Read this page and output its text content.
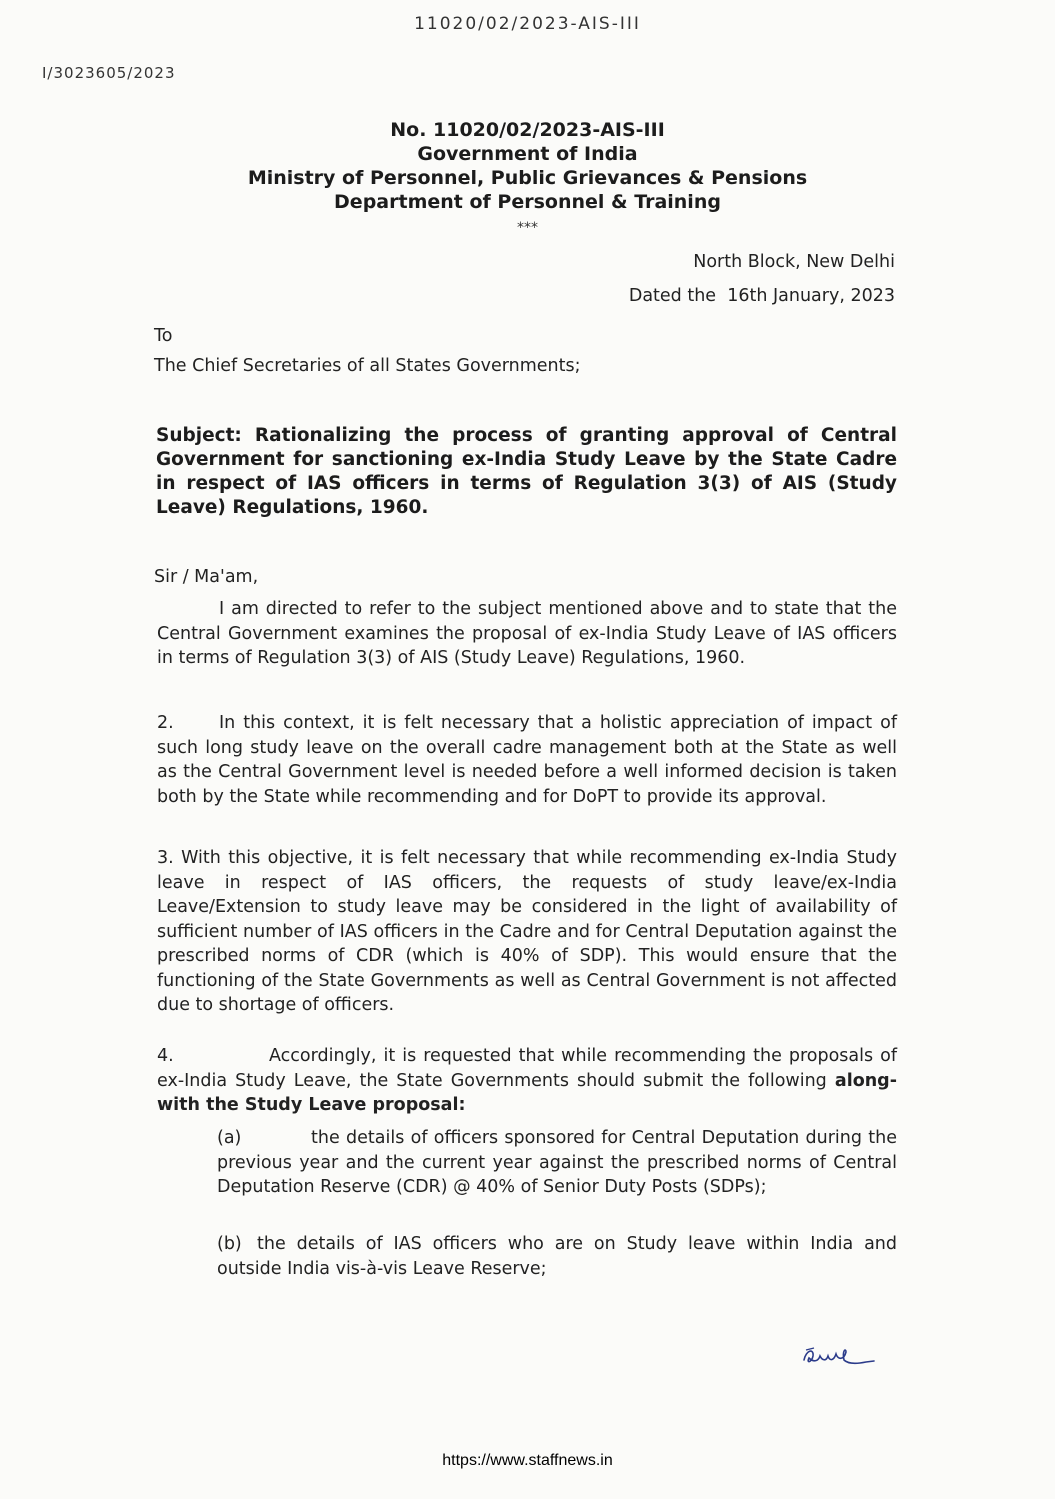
11020/02/2023-AIS-III
I/3023605/2023
No. 11020/02/2023-AIS-III
Government of India
Ministry of Personnel, Public Grievances & Pensions
Department of Personnel & Training
***
North Block, New Delhi
Dated the  16th January, 2023
To
The Chief Secretaries of all States Governments;
Subject: Rationalizing the process of granting approval of Central Government for sanctioning ex-India Study Leave by the State Cadre in respect of IAS officers in terms of Regulation 3(3) of AIS (Study Leave) Regulations, 1960.
Sir / Ma'am,
I am directed to refer to the subject mentioned above and to state that the Central Government examines the proposal of ex-India Study Leave of IAS officers in terms of Regulation 3(3) of AIS (Study Leave) Regulations, 1960.
2.	In this context, it is felt necessary that a holistic appreciation of impact of such long study leave on the overall cadre management both at the State as well as the Central Government level is needed before a well informed decision is taken both by the State while recommending and for DoPT to provide its approval.
3. With this objective, it is felt necessary that while recommending ex-India Study leave in respect of IAS officers, the requests of study leave/ex-India Leave/Extension to study leave may be considered in the light of availability of sufficient number of IAS officers in the Cadre and for Central Deputation against the prescribed norms of CDR (which is 40% of SDP). This would ensure that the functioning of the State Governments as well as Central Government is not affected due to shortage of officers.
4.	Accordingly, it is requested that while recommending the proposals of ex-India Study Leave, the State Governments should submit the following along-with the Study Leave proposal:
(a)	the details of officers sponsored for Central Deputation during the previous year and the current year against the prescribed norms of Central Deputation Reserve (CDR) @ 40% of Senior Duty Posts (SDPs);
(b) the details of IAS officers who are on Study leave within India and outside India vis-à-vis Leave Reserve;
https://www.staffnews.in
